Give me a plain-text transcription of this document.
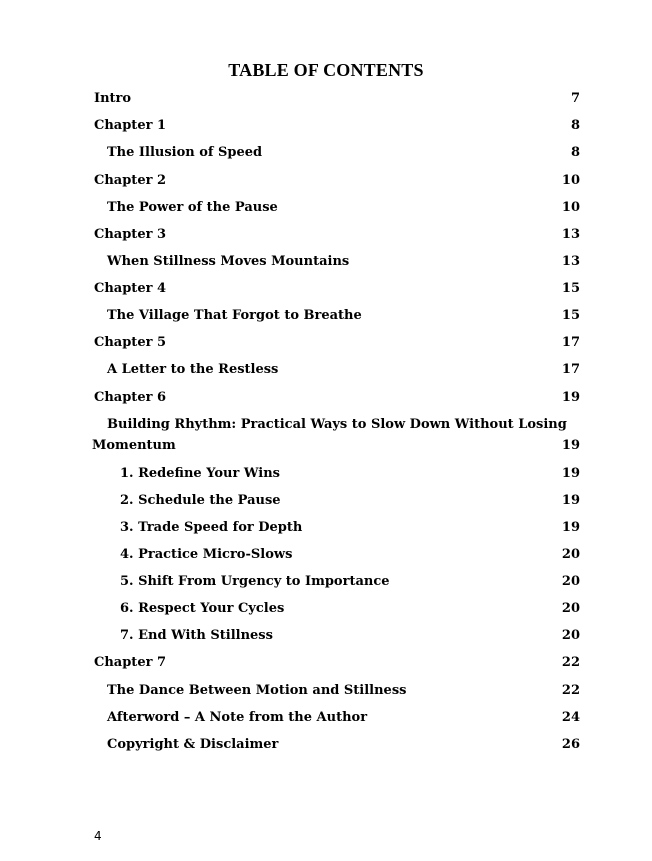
TABLE OF CONTENTS
Intro	7
Chapter 1	8
The Illusion of Speed	8
Chapter 2	10
The Power of the Pause	10
Chapter 3	13
When Stillness Moves Mountains	13
Chapter 4	15
The Village That Forgot to Breathe	15
Chapter 5	17
A Letter to the Restless	17
Chapter 6	19
Building Rhythm: Practical Ways to Slow Down Without Losing
Momentum	19
1. Redefine Your Wins	19
2. Schedule the Pause	19
3. Trade Speed for Depth	19
4. Practice Micro-Slows	20
5. Shift From Urgency to Importance	20
6. Respect Your Cycles	20
7. End With Stillness	20
Chapter 7	22
The Dance Between Motion and Stillness	22
Afterword – A Note from the Author	24
Copyright & Disclaimer	26
4
